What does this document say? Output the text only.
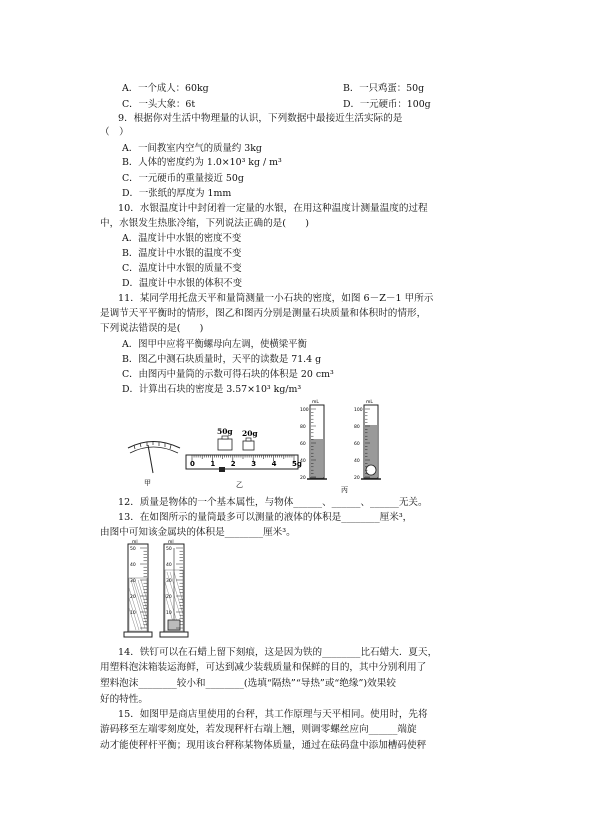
A．一个成人：60kg	B．一只鸡蛋：50g
C．一头大象：6t	D．一元硬币：100g
9．根据你对生活中物理量的认识，下列数据中最接近生活实际的是
（　）
A．一间教室内空气的质量约 3kg
B．人体的密度约为 1.0×10³ kg / m³
C．一元硬币的重量接近 50g
D．一张纸的厚度为 1mm
10．水银温度计中封闭着一定量的水银，在用这种温度计测量温度的过程
中，水银发生热胀冷缩，下列说法正确的是(　　)
A．温度计中水银的密度不变
B．温度计中水银的温度不变
C．温度计中水银的质量不变
D．温度计中水银的体积不变
11．某同学用托盘天平和量筒测量一小石块的密度，如图 6－Z－1 甲所示
是调节天平平衡时的情形，图乙和图丙分别是测量石块质量和体积时的情形，
下列说法错误的是(　　)
A．图甲中应将平衡螺母向左调，使横梁平衡
B．图乙中测石块质量时，天平的读数是 71.4 g
C．由图丙中量筒的示数可得石块的体积是 20 cm³
D．计算出石块的密度是 3.57×10³ kg/m³
甲
50g 20g
0 1 2 3 4 5g
乙
100
80
60
40
20
100
80
60
40
20
mL	mL
丙
12．质量是物体的一个基本属性，与物体______、______、______无关。
13．在如图所示的量筒最多可以测量的液体的体积是________厘米³，
由图中可知该金属块的体积是________厘米³。
50
40
30
20
10
50
40
30
20
10
ml	ml
14．铁钉可以在石蜡上留下刻痕，这是因为铁的________比石蜡大．夏天，
用塑料泡沫箱装运海鲜，可达到减少装载质量和保鲜的目的，其中分别利用了
塑料泡沫________较小和________(选填“隔热”“导热”或“绝缘”)效果较
好的特性。
15．如图甲是商店里使用的台秤，其工作原理与天平相同。使用时，先将
游码移至左端零刻度处，若发现秤杆右端上翘，则调零螺丝应向______端旋
动才能使秤杆平衡；现用该台秤称某物体质量，通过在砝码盘中添加槽码使秤
